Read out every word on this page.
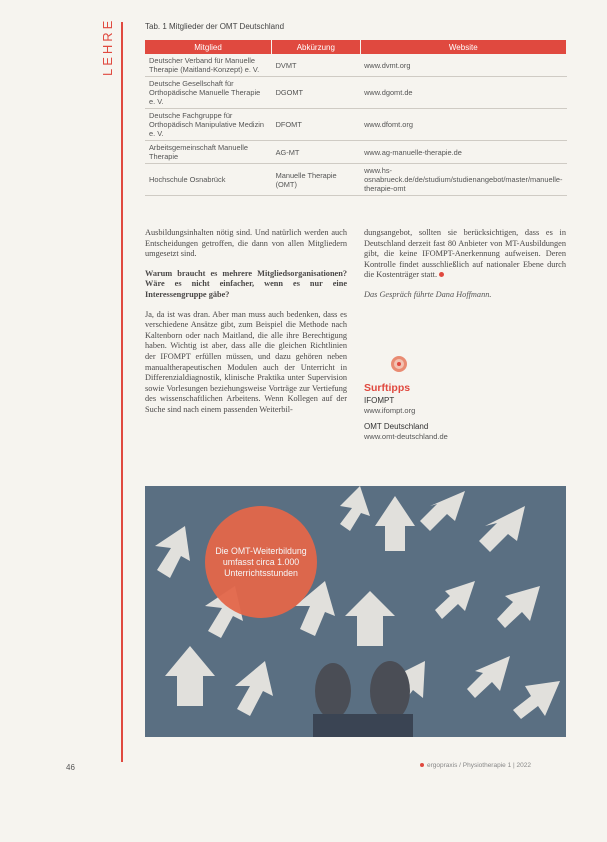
LEHRE	Tab. 1 Mitglieder der OMT Deutschland
Mitglied	Abkürzung	Website
Deutscher Verband für Manuelle Therapie (Maitland-Konzept) e. V.	DVMT	www.dvmt.org
Deutsche Gesellschaft für Orthopädische Manuelle Therapie e. V.	DGOMT	www.dgomt.de
Deutsche Fachgruppe für Orthopädisch Manipulative Medizin e. V.	DFOMT	www.dfomt.org
Arbeitsgemeinschaft Manuelle Therapie	AG-MT	www.ag-manuelle-therapie.de
Hochschule Osnabrück	Manuelle Therapie (OMT)	www.hs-osnabrueck.de/de/studium/studienangebot/master/manuelle-therapie-omt

Ausbildungsinhalten nötig sind. Und natürlich werden auch Entscheidungen getroffen, die dann von allen Mitgliedern umgesetzt sind.

Warum braucht es mehrere Mitgliedsorganisationen? Wäre es nicht einfacher, wenn es nur eine Interessengruppe gäbe?

Ja, da ist was dran. Aber man muss auch bedenken, dass es verschiedene Ansätze gibt, zum Beispiel die Methode nach Kaltenborn oder nach Maitland, die alle ihre Berechtigung haben. Wichtig ist aber, dass alle die gleichen Richtlinien der IFOMPT erfüllen müssen, und dazu gehören neben manualtherapeutischen Modulen auch der Unterricht in Differenzialdiagnostik, klinische Praktika unter Supervision sowie Vorlesungen beziehungsweise Vorträge zur Vertiefung des wissenschaftlichen Arbeitens. Wenn Kollegen auf der Suche sind nach einem passenden Weiterbil-

dungsangebot, sollten sie berücksichtigen, dass es in Deutschland derzeit fast 80 Anbieter von MT-Ausbildungen gibt, die keine IFOMPT-Anerkennung aufweisen. Deren Kontrolle findet ausschließlich auf nationaler Ebene durch die Kostenträger statt.

Das Gespräch führte Dana Hoffmann.

Surftipps
IFOMPT
www.ifompt.org
OMT Deutschland
www.omt-deutschland.de
Die OMT-Weiterbildung umfasst circa 1.000 Unterrichtsstunden
46	ergopraxis / Physiotherapie 1 | 2022
